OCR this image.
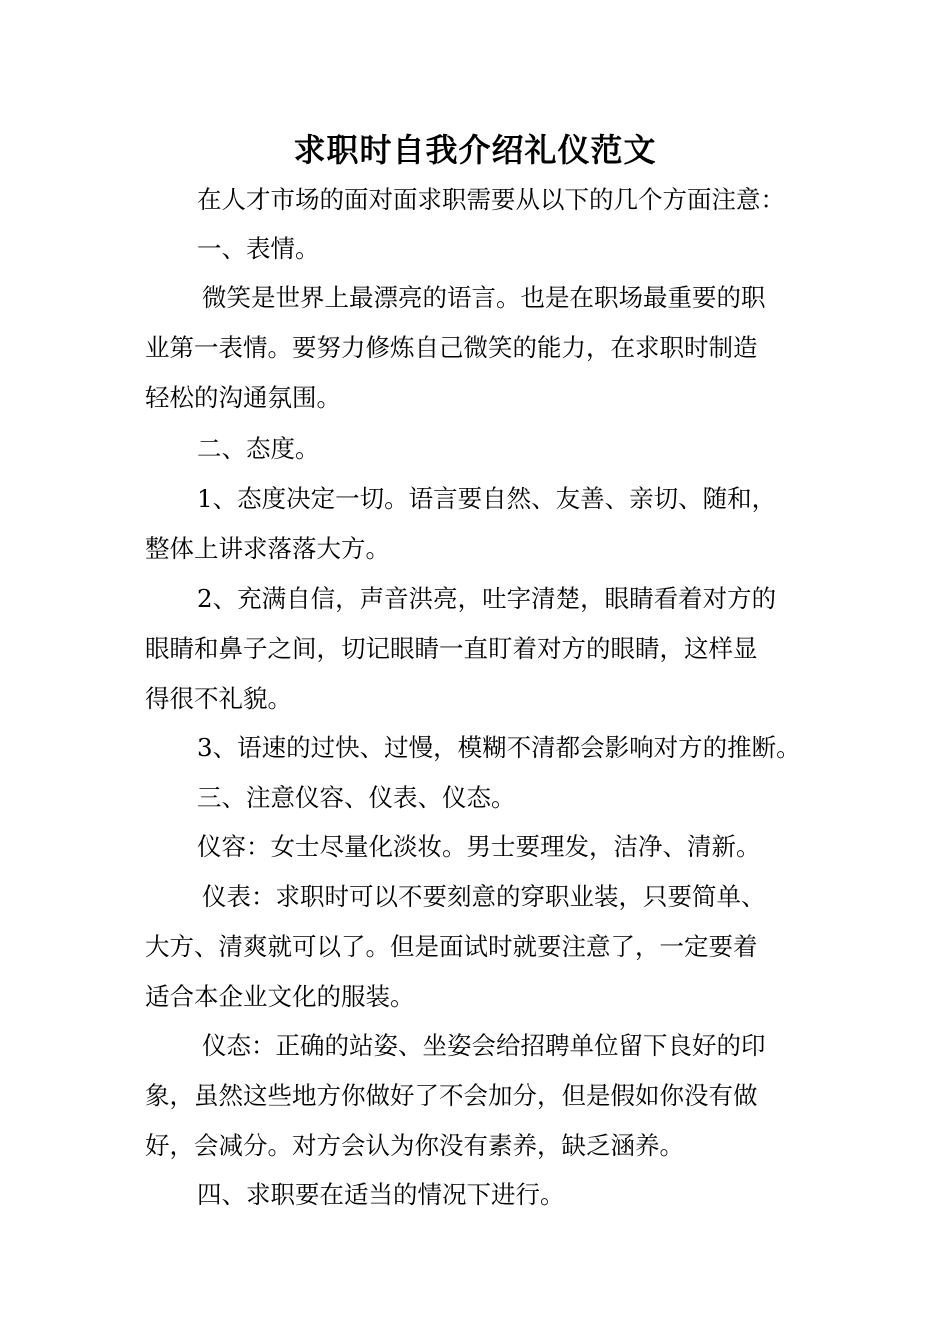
求职时自我介绍礼仪范文
在人才市场的面对面求职需要从以下的几个方面注意：
一、表情。
微笑是世界上最漂亮的语言。也是在职场最重要的职
业第一表情。要努力修炼自己微笑的能力，在求职时制造
轻松的沟通氛围。
二、态度。
1、态度决定一切。语言要自然、友善、亲切、随和，
整体上讲求落落大方。
2、充满自信，声音洪亮，吐字清楚，眼睛看着对方的
眼睛和鼻子之间，切记眼睛一直盯着对方的眼睛，这样显
得很不礼貌。
3、语速的过快、过慢，模糊不清都会影响对方的推断。
三、注意仪容、仪表、仪态。
仪容：女士尽量化淡妆。男士要理发，洁净、清新。
仪表：求职时可以不要刻意的穿职业装，只要简单、
大方、清爽就可以了。但是面试时就要注意了，一定要着
适合本企业文化的服装。
仪态：正确的站姿、坐姿会给招聘单位留下良好的印
象，虽然这些地方你做好了不会加分，但是假如你没有做
好，会减分。对方会认为你没有素养，缺乏涵养。
四、求职要在适当的情况下进行。
